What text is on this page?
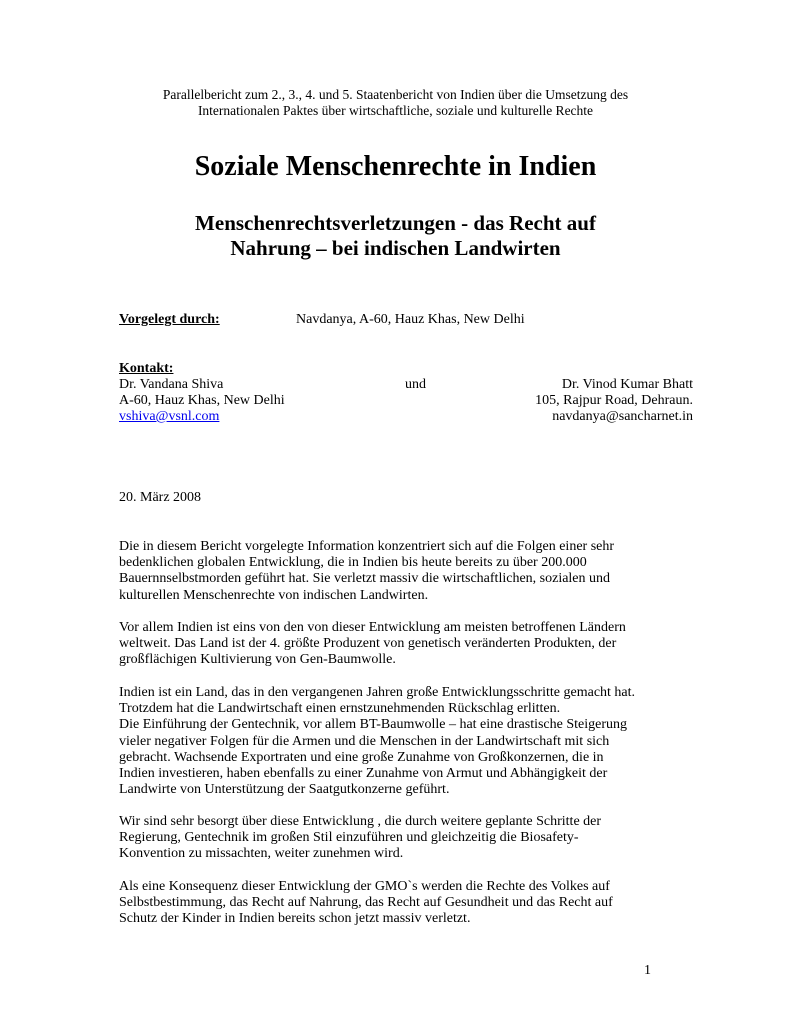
Parallelbericht zum 2., 3., 4. und 5. Staatenbericht von Indien über die Umsetzung des
Internationalen Paktes über wirtschaftliche, soziale und kulturelle Rechte
Soziale Menschenrechte in Indien
Menschenrechtsverletzungen - das Recht auf
Nahrung – bei indischen Landwirten
Vorgelegt durch:	Navdanya, A-60, Hauz Khas, New Delhi
Kontakt:
Dr. Vandana Shiva
A-60, Hauz Khas, New Delhi
vshiva@vsnl.com
und	Dr. Vinod Kumar Bhatt
105, Rajpur Road, Dehraun.
navdanya@sancharnet.in
20. März 2008
Die in diesem Bericht vorgelegte Information konzentriert sich auf die Folgen einer sehr
bedenklichen globalen Entwicklung, die in Indien bis heute bereits zu über 200.000
Bauernnselbstmorden geführt hat. Sie verletzt massiv die wirtschaftlichen, sozialen und
kulturellen Menschenrechte von indischen Landwirten.
Vor allem Indien ist eins von den von dieser Entwicklung am meisten betroffenen Ländern
weltweit. Das Land ist der 4. größte Produzent von genetisch veränderten Produkten, der
großflächigen Kultivierung von Gen-Baumwolle.
Indien ist ein Land, das in den vergangenen Jahren große Entwicklungsschritte gemacht hat.
Trotzdem hat die Landwirtschaft einen ernstzunehmenden Rückschlag erlitten.
Die Einführung der Gentechnik, vor allem BT-Baumwolle – hat eine drastische Steigerung
vieler negativer Folgen für die Armen und die Menschen in der Landwirtschaft mit sich
gebracht. Wachsende Exportraten und eine große Zunahme von Großkonzernen, die in
Indien investieren, haben ebenfalls zu einer Zunahme von Armut und Abhängigkeit der
Landwirte von Unterstützung der Saatgutkonzerne geführt.
Wir sind sehr besorgt über diese Entwicklung , die durch weitere geplante Schritte der
Regierung, Gentechnik im großen Stil einzuführen und gleichzeitig die Biosafety-
Konvention zu missachten, weiter zunehmen wird.
Als eine Konsequenz dieser Entwicklung der GMO`s werden die Rechte des Volkes auf
Selbstbestimmung, das Recht auf Nahrung, das Recht auf Gesundheit und das Recht auf
Schutz der Kinder in Indien bereits schon jetzt massiv verletzt.
1
